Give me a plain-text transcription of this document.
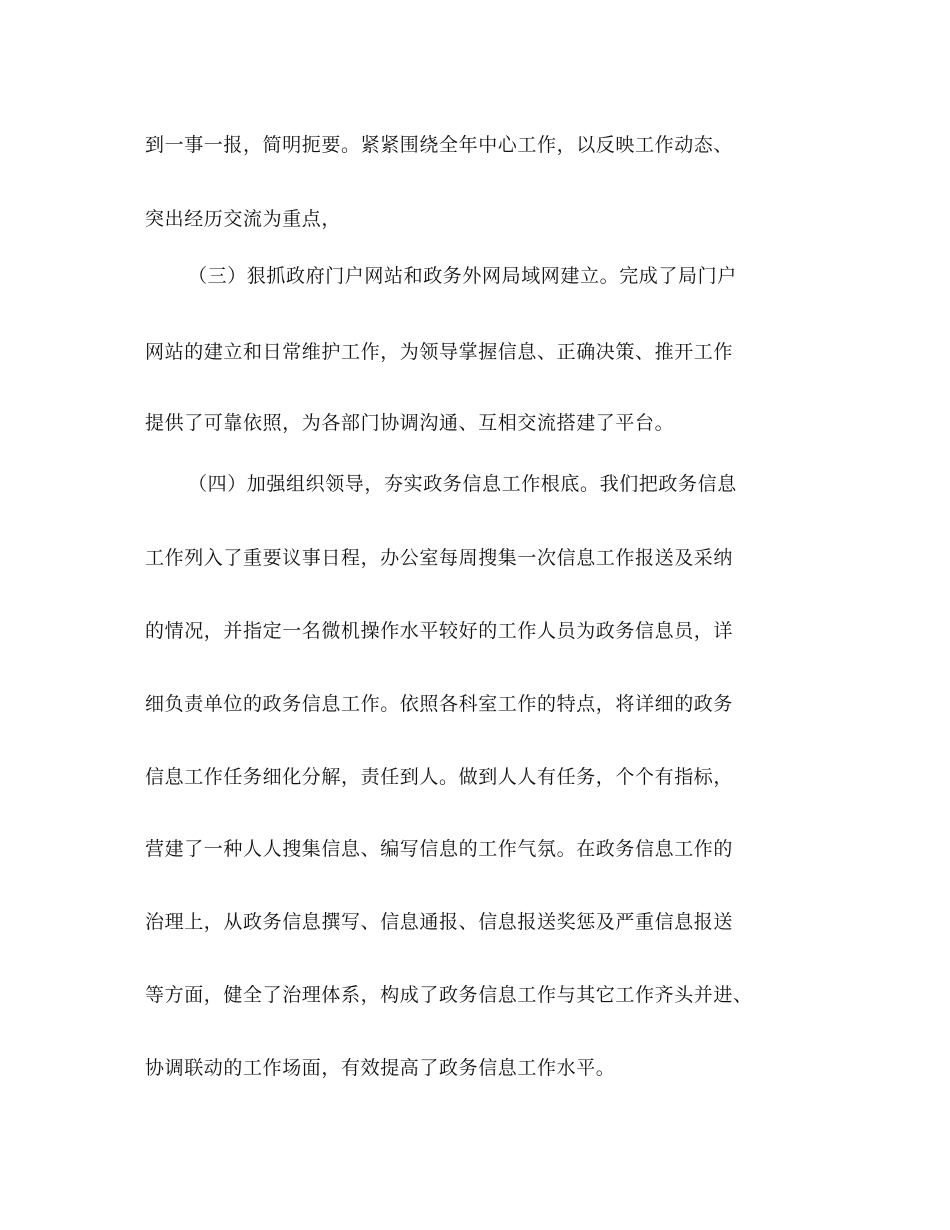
到一事一报，简明扼要。紧紧围绕全年中心工作，以反映工作动态、
突出经历交流为重点，
（三）狠抓政府门户网站和政务外网局域网建立。完成了局门户
网站的建立和日常维护工作，为领导掌握信息、正确决策、推开工作
提供了可靠依照，为各部门协调沟通、互相交流搭建了平台。
（四）加强组织领导，夯实政务信息工作根底。我们把政务信息
工作列入了重要议事日程，办公室每周搜集一次信息工作报送及采纳
的情况，并指定一名微机操作水平较好的工作人员为政务信息员，详
细负责单位的政务信息工作。依照各科室工作的特点，将详细的政务
信息工作任务细化分解，责任到人。做到人人有任务，个个有指标，
营建了一种人人搜集信息、编写信息的工作气氛。在政务信息工作的
治理上，从政务信息撰写、信息通报、信息报送奖惩及严重信息报送
等方面，健全了治理体系，构成了政务信息工作与其它工作齐头并进、
协调联动的工作场面，有效提高了政务信息工作水平。
